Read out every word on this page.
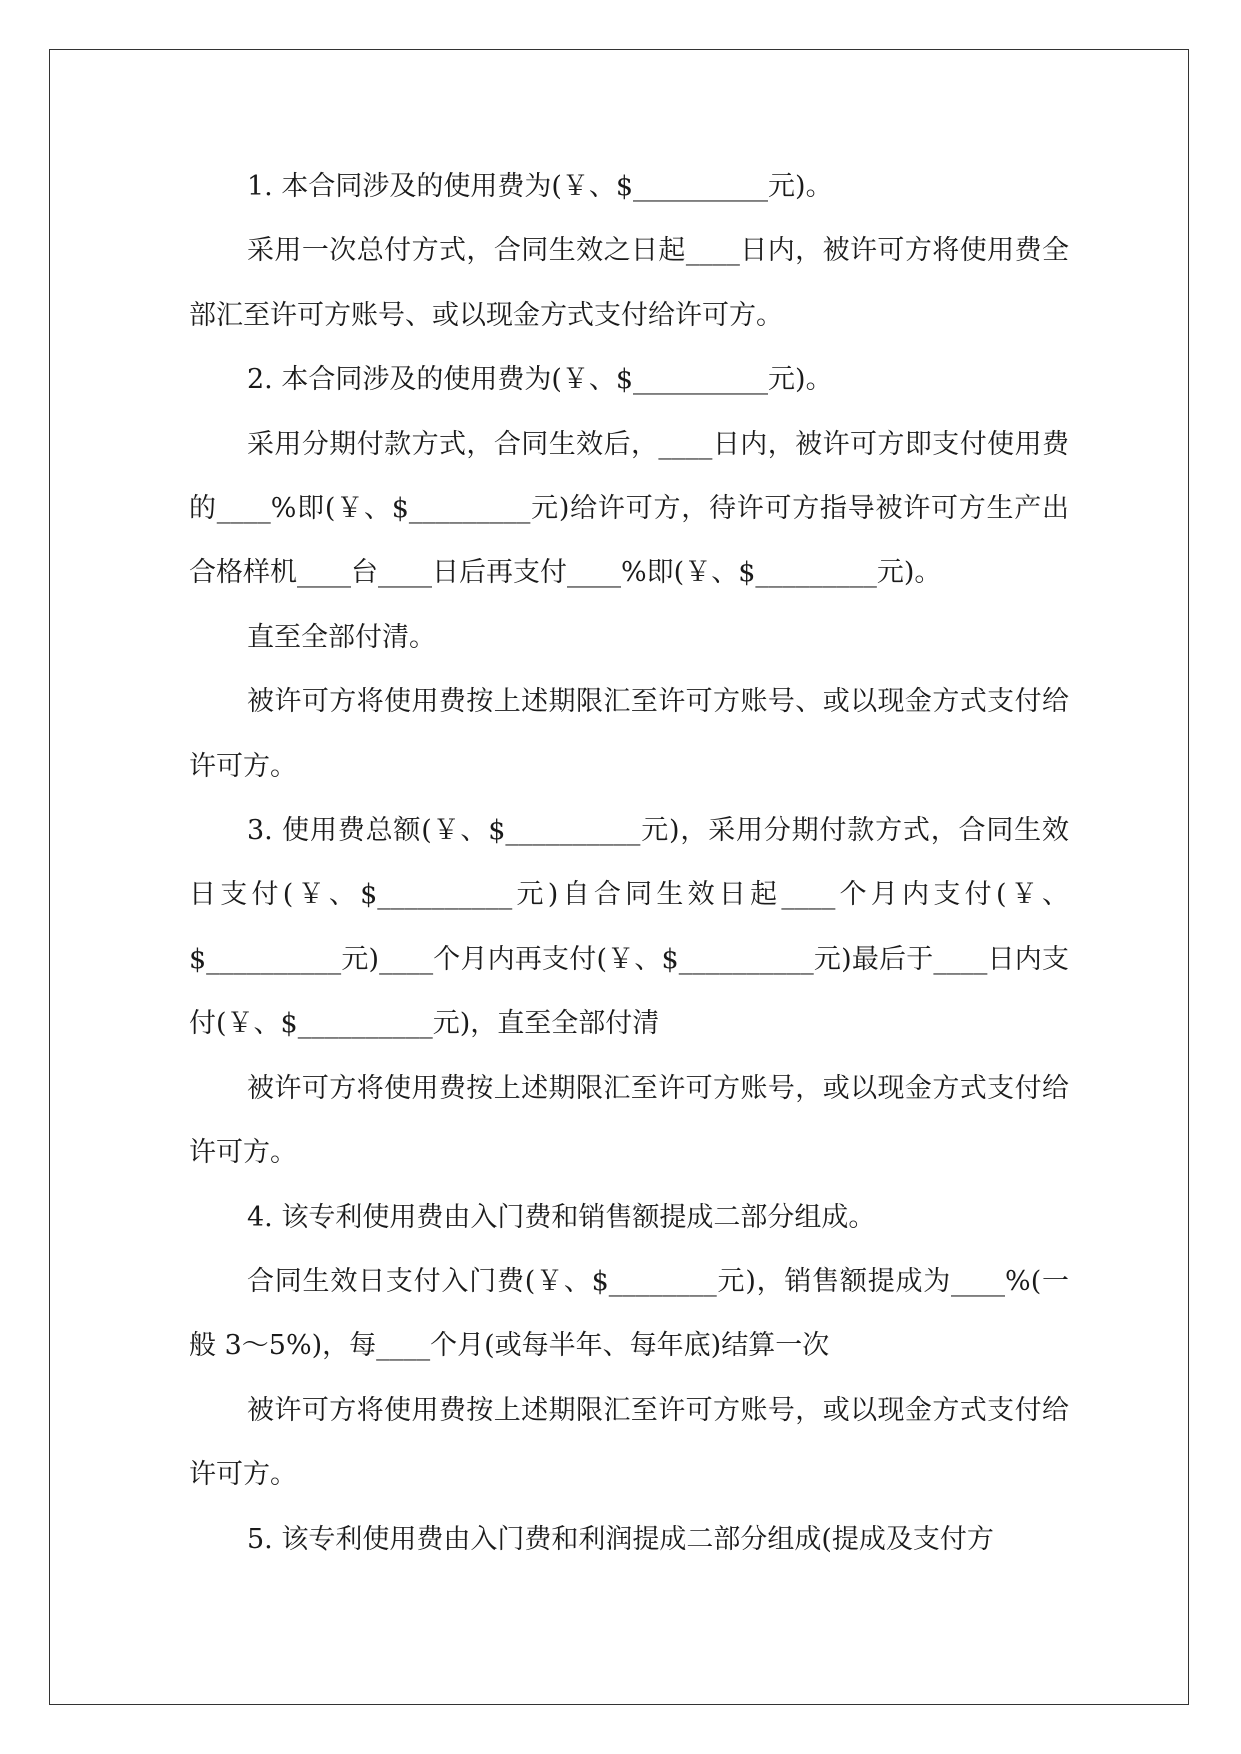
1. 本合同涉及的使用费为(￥、$__________元)。

采用一次总付方式，合同生效之日起____日内，被许可方将使用费全部汇至许可方账号、或以现金方式支付给许可方。

2. 本合同涉及的使用费为(￥、$__________元)。

采用分期付款方式，合同生效后，____日内，被许可方即支付使用费的____%即(￥、$_________元)给许可方，待许可方指导被许可方生产出合格样机____台____日后再支付____%即(￥、$_________元)。

直至全部付清。

被许可方将使用费按上述期限汇至许可方账号、或以现金方式支付给许可方。

3. 使用费总额(￥、$__________元)，采用分期付款方式，合同生效日支付(￥、$__________元)自合同生效日起____个月内支付(￥、$__________元)____个月内再支付(￥、$__________元)最后于____日内支付(￥、$__________元)，直至全部付清

被许可方将使用费按上述期限汇至许可方账号，或以现金方式支付给许可方。

4. 该专利使用费由入门费和销售额提成二部分组成。

合同生效日支付入门费(￥、$________元)，销售额提成为____%(一般 3～5%)，每____个月(或每半年、每年底)结算一次

被许可方将使用费按上述期限汇至许可方账号，或以现金方式支付给许可方。

5. 该专利使用费由入门费和利润提成二部分组成(提成及支付方
